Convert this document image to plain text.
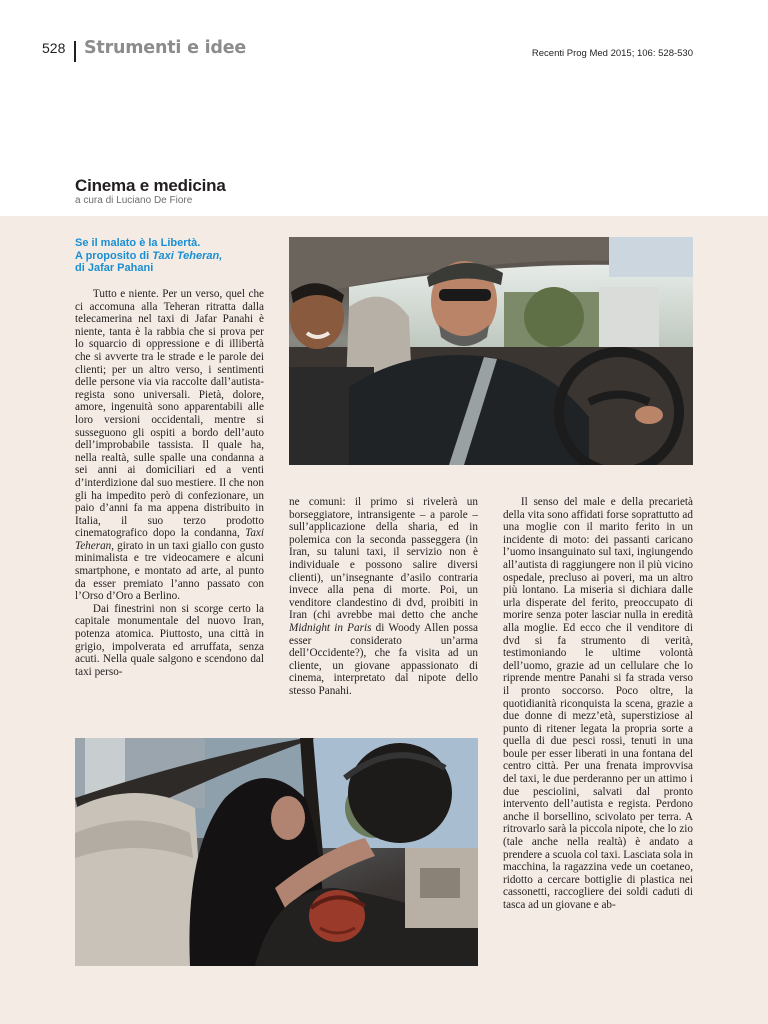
528 Strumenti e idee	Recenti Prog Med 2015; 106: 528-530
Cinema e medicina
a cura di Luciano De Fiore
Se il malato è la Libertà.
A proposito di Taxi Teheran,
di Jafar Pahani

Tutto e niente. Per un verso, quel che ci accomuna alla Teheran ritratta dalla telecamerina nel taxi di Jafar Panahi è niente, tanta è la rabbia che si prova per lo squarcio di oppressione e di illibertà che si avverte tra le strade e le parole dei clienti; per un altro verso, i sentimenti delle persone via via raccolte dall’autista-regista sono universali. Pietà, dolore, amore, ingenuità sono apparentabili alle loro versioni occidentali, mentre si susseguono gli ospiti a bordo dell’auto dell’improbabile tassista. Il quale ha, nella realtà, sulle spalle una condanna a sei anni ai domiciliari ed a venti d’interdizione dal suo mestiere. Il che non gli ha impedito però di confezionare, un paio d’anni fa ma appena distribuito in Italia, il suo terzo prodotto cinematografico dopo la condanna, Taxi Teheran, girato in un taxi giallo con gusto minimalista e tre videocamere e alcuni smartphone, e montato ad arte, al punto da esser premiato l’anno passato con l’Orso d’Oro a Berlino.

Dai finestrini non si scorge certo la capitale monumentale del nuovo Iran, potenza atomica. Piuttosto, una città in grigio, impolverata ed arruffata, senza acuti. Nella quale salgono e scendono dal taxi perso-

ne comuni: il primo si rivelerà un borseggiatore, intransigente – a parole – sull’applicazione della sharia, ed in polemica con la seconda passeggera (in Iran, su taluni taxi, il servizio non è individuale e possono salire diversi clienti), un’insegnante d’asilo contraria invece alla pena di morte. Poi, un venditore clandestino di dvd, proibiti in Iran (chi avrebbe mai detto che anche Midnight in Paris di Woody Allen possa esser considerato un’arma dell’Occidente?), che fa visita ad un cliente, un giovane appassionato di cinema, interpretato dal nipote dello stesso Panahi.

Il senso del male e della precarietà della vita sono affidati forse soprattutto ad una moglie con il marito ferito in un incidente di moto: dei passanti caricano l’uomo insanguinato sul taxi, ingiungendo all’autista di raggiungere non il più vicino ospedale, precluso ai poveri, ma un altro più lontano. La miseria si dichiara dalle urla disperate del ferito, preoccupato di morire senza poter lasciar nulla in eredità alla moglie. Ed ecco che il venditore di dvd si fa strumento di verità, testimoniando le ultime volontà dell’uomo, grazie ad un cellulare che lo riprende mentre Panahi si fa strada verso il pronto soccorso. Poco oltre, la quotidianità riconquista la scena, grazie a due donne di mezz’età, superstiziose al punto di ritener legata la propria sorte a quella di due pesci rossi, tenuti in una boule per esser liberati in una fontana del centro città. Per una frenata improvvisa del taxi, le due perderanno per un attimo i due pesciolini, salvati dal pronto intervento dell’autista e regista. Perdono anche il borsellino, scivolato per terra. A ritrovarlo sarà la piccola nipote, che lo zio (tale anche nella realtà) è andato a prendere a scuola col taxi. Lasciata sola in macchina, la ragazzina vede un coetaneo, ridotto a cercare bottiglie di plastica nei cassonetti, raccogliere dei soldi caduti di tasca ad un giovane e ab-
